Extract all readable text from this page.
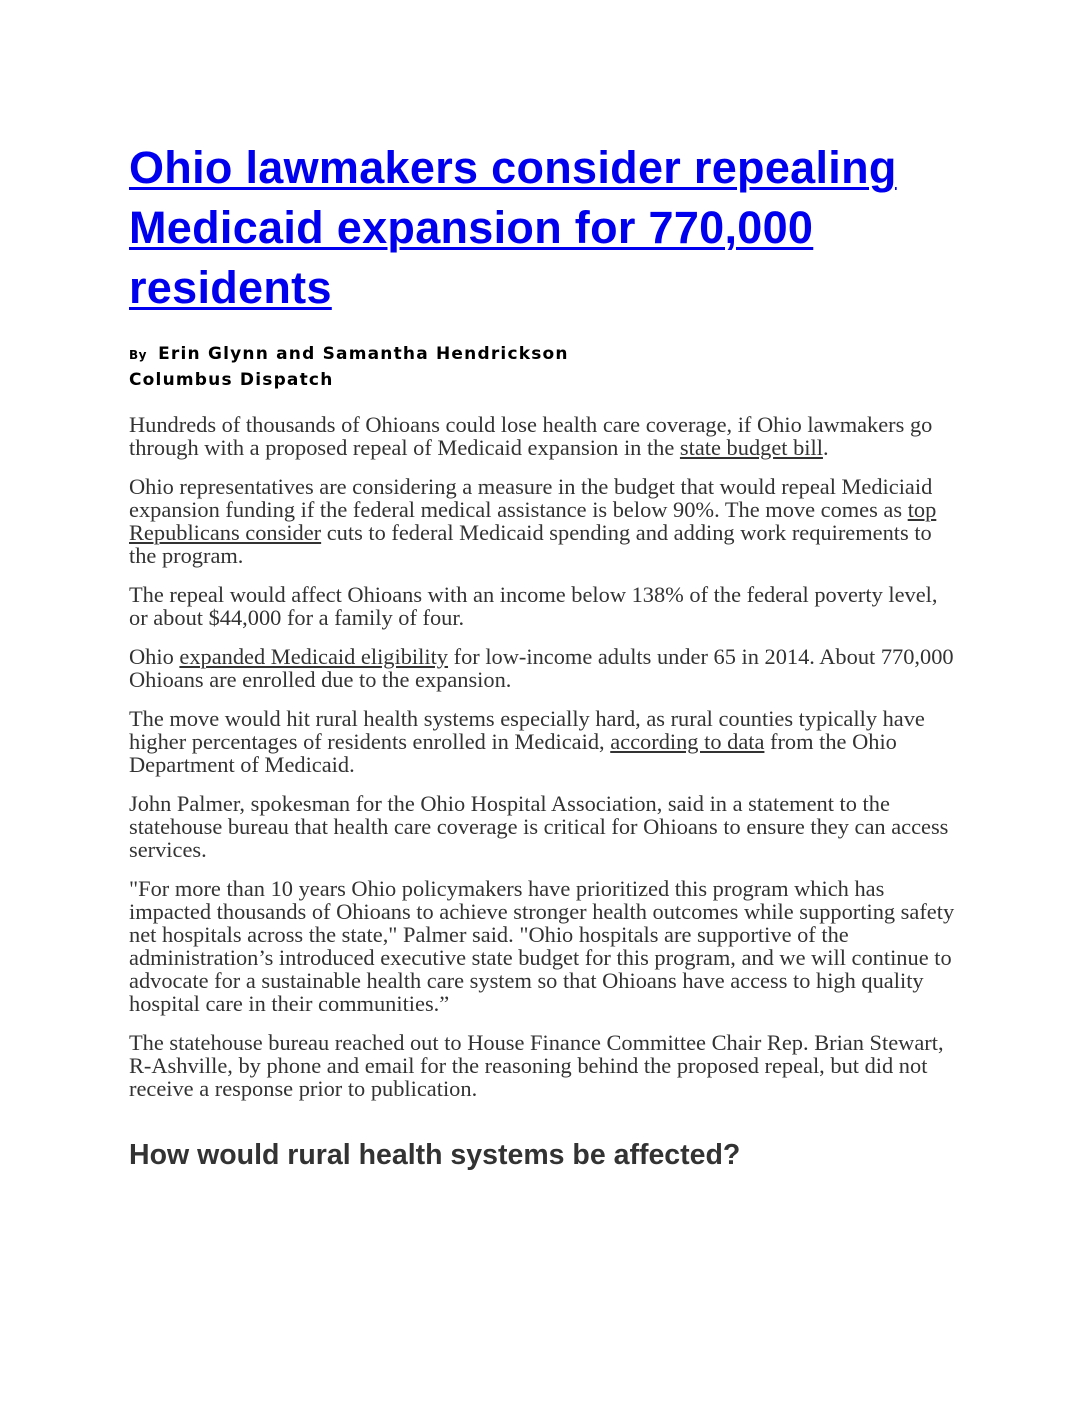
Ohio lawmakers consider repealing Medicaid expansion for 770,000 residents
By Erin Glynn and Samantha Hendrickson
Columbus Dispatch

Hundreds of thousands of Ohioans could lose health care coverage, if Ohio lawmakers go through with a proposed repeal of Medicaid expansion in the state budget bill.

Ohio representatives are considering a measure in the budget that would repeal Mediciaid expansion funding if the federal medical assistance is below 90%. The move comes as top Republicans consider cuts to federal Medicaid spending and adding work requirements to the program.

The repeal would affect Ohioans with an income below 138% of the federal poverty level, or about $44,000 for a family of four.

Ohio expanded Medicaid eligibility for low-income adults under 65 in 2014. About 770,000 Ohioans are enrolled due to the expansion.

The move would hit rural health systems especially hard, as rural counties typically have higher percentages of residents enrolled in Medicaid, according to data from the Ohio Department of Medicaid.

John Palmer, spokesman for the Ohio Hospital Association, said in a statement to the statehouse bureau that health care coverage is critical for Ohioans to ensure they can access services.

"For more than 10 years Ohio policymakers have prioritized this program which has impacted thousands of Ohioans to achieve stronger health outcomes while supporting safety net hospitals across the state," Palmer said. "Ohio hospitals are supportive of the administration’s introduced executive state budget for this program, and we will continue to advocate for a sustainable health care system so that Ohioans have access to high quality hospital care in their communities.”

The statehouse bureau reached out to House Finance Committee Chair Rep. Brian Stewart, R-Ashville, by phone and email for the reasoning behind the proposed repeal, but did not receive a response prior to publication.

How would rural health systems be affected?
